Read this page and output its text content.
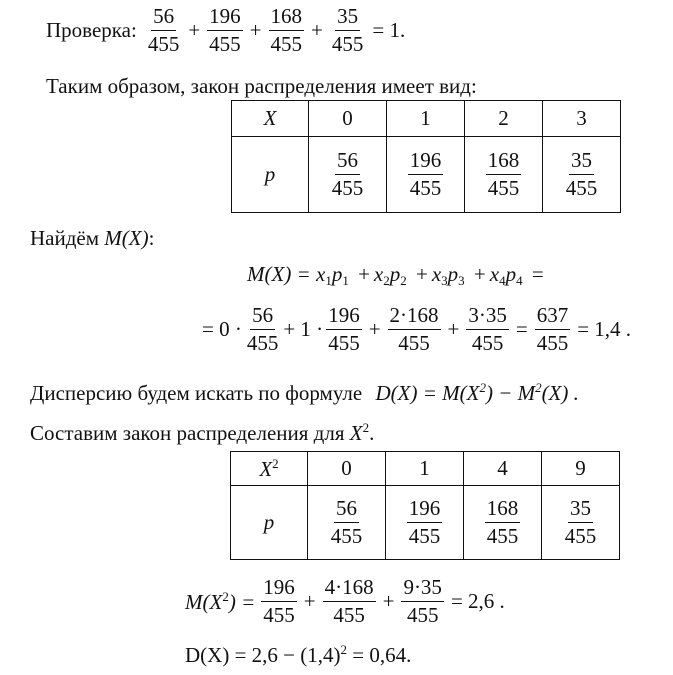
Проверка: $\frac{56}{455} + \frac{196}{455} + \frac{168}{455} + \frac{35}{455} = 1$.
Таким образом, закон распределения имеет вид:
X	0	1	2	3
p	$\frac{56}{455}$	$\frac{196}{455}$	$\frac{168}{455}$	$\frac{35}{455}$
Найдём M(X):
$M(X) = x_1p_1 + x_2p_2 + x_3p_3 + x_4p_4$ =
= $0 \cdot \frac{56}{455} + 1 \cdot \frac{196}{455} + \frac{2\cdot 168}{455} + \frac{3\cdot 35}{455} = \frac{637}{455} = 1,4$ .
Дисперсию будем искать по формуле $D(X) = M(X^2) - M^2(X)$ .
Составим закон распределения для $X^2$.
$X^2$	0	1	4	9
p	$\frac{56}{455}$	$\frac{196}{455}$	$\frac{168}{455}$	$\frac{35}{455}$
$M(X^2) = \frac{196}{455} + \frac{4\cdot 168}{455} + \frac{9\cdot 35}{455} = 2,6$ .
$D(X) = 2,6 - (1,4)^2 = 0,64$.
